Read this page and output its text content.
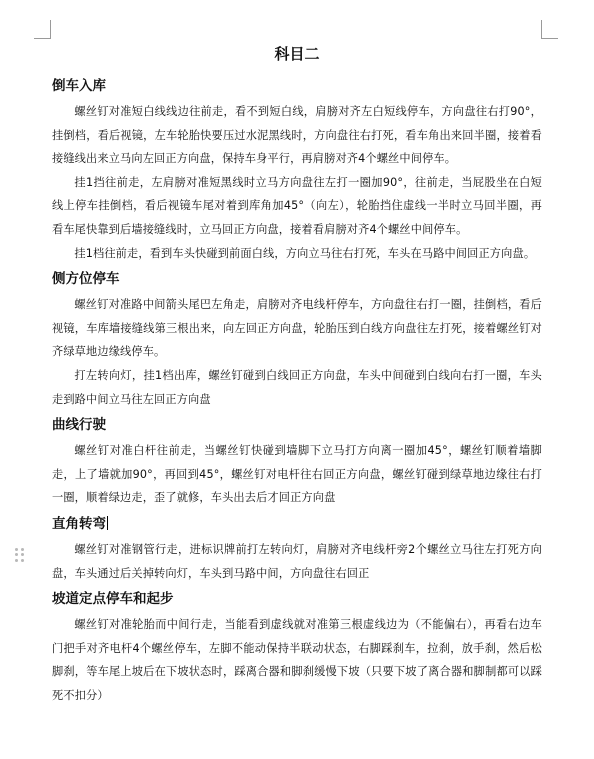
科目二
倒车入库

螺丝钉对准短白线线边往前走，看不到短白线，肩膀对齐左白短线停车，方向盘往右打90°，挂倒档，看后视镜，左车轮胎快要压过水泥黑线时，方向盘往右打死，看车角出来回半圈，接着看接缝线出来立马向左回正方向盘，保持车身平行，再肩膀对齐4个螺丝中间停车。

挂1挡往前走，左肩膀对准短黑线时立马方向盘往左打一圈加90°，往前走，当屁股坐在白短线上停车挂倒档，看后视镜车尾对着到库角加45°（向左），轮胎挡住虚线一半时立马回半圈，再看车尾快靠到后墙接缝线时，立马回正方向盘，接着看肩膀对齐4个螺丝中间停车。

挂1档往前走，看到车头快碰到前面白线，方向立马往右打死，车头在马路中间回正方向盘。

侧方位停车

螺丝钉对准路中间箭头尾巴左角走，肩膀对齐电线杆停车，方向盘往右打一圈，挂倒档，看后视镜，车库墙接缝线第三根出来，向左回正方向盘，轮胎压到白线方向盘往左打死，接着螺丝钉对齐绿草地边缘线停车。

打左转向灯，挂1档出库，螺丝钉碰到白线回正方向盘，车头中间碰到白线向右打一圈，车头走到路中间立马往左回正方向盘

曲线行驶

螺丝钉对准白杆往前走，当螺丝钉快碰到墙脚下立马打方向离一圈加45°，螺丝钉顺着墙脚走，上了墙就加90°，再回到45°，螺丝钉对电杆往右回正方向盘，螺丝钉碰到绿草地边缘往右打一圈，顺着绿边走，歪了就修，车头出去后才回正方向盘

直角转弯

螺丝钉对准钢管行走，进标识牌前打左转向灯，肩膀对齐电线杆旁2个螺丝立马往左打死方向盘，车头通过后关掉转向灯，车头到马路中间，方向盘往右回正

坡道定点停车和起步

螺丝钉对准轮胎而中间行走，当能看到虚线就对准第三根虚线边为（不能偏右），再看右边车门把手对齐电杆4个螺丝停车，左脚不能动保持半联动状态，右脚踩刹车，拉刹，放手刹，然后松脚刹，等车尾上坡后在下坡状态时，踩离合器和脚刹缓慢下坡（只要下坡了离合器和脚制都可以踩死不扣分）
